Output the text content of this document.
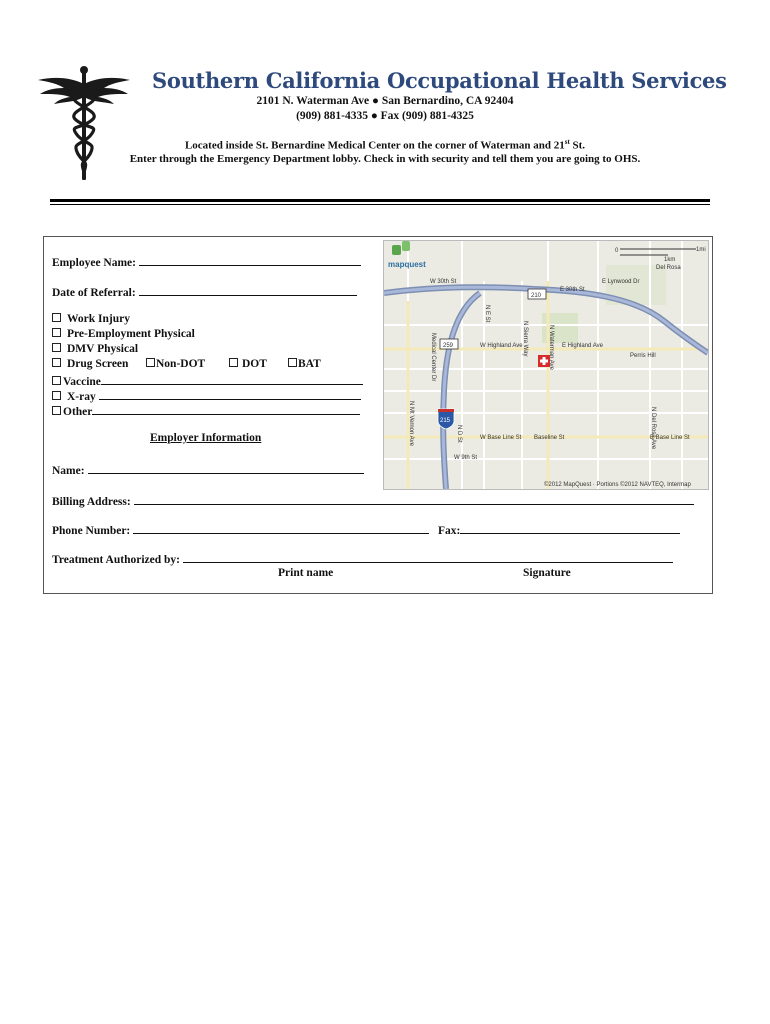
Southern California Occupational Health Services
2101 N. Waterman Ave ● San Bernardino, CA 92404
(909) 881-4335 ● Fax (909) 881-4325
Located inside St. Bernardine Medical Center on the corner of Waterman and 21st St.
Enter through the Emergency Department lobby. Check in with security and tell them you are going to OHS.
Employee Name:
Date of Referral:
Work Injury
Pre-Employment Physical
DMV Physical
Drug Screen	Non-DOT	DOT	BAT
Vaccine
X-ray
Other
Employer Information
Name:
Billing Address:
Phone Number:	Fax:
Treatment Authorized by:
Print name	Signature
mapquest
0
1km
1mi
210
259
215
Del Rosa
W 30th St
E 30th St
E Lynwood Dr
W Highland Ave	E Highland Ave
W Base Line St Baseline St	E Base Line St
W 9th St
Perris Hill
N E St
N D St
N Sierra Way	N Waterman Ave
N Mt Vernon Ave
Medical Center Dr
N Del Rosa Ave
©2012 MapQuest · Portions ©2012 NAVTEQ, Intermap
